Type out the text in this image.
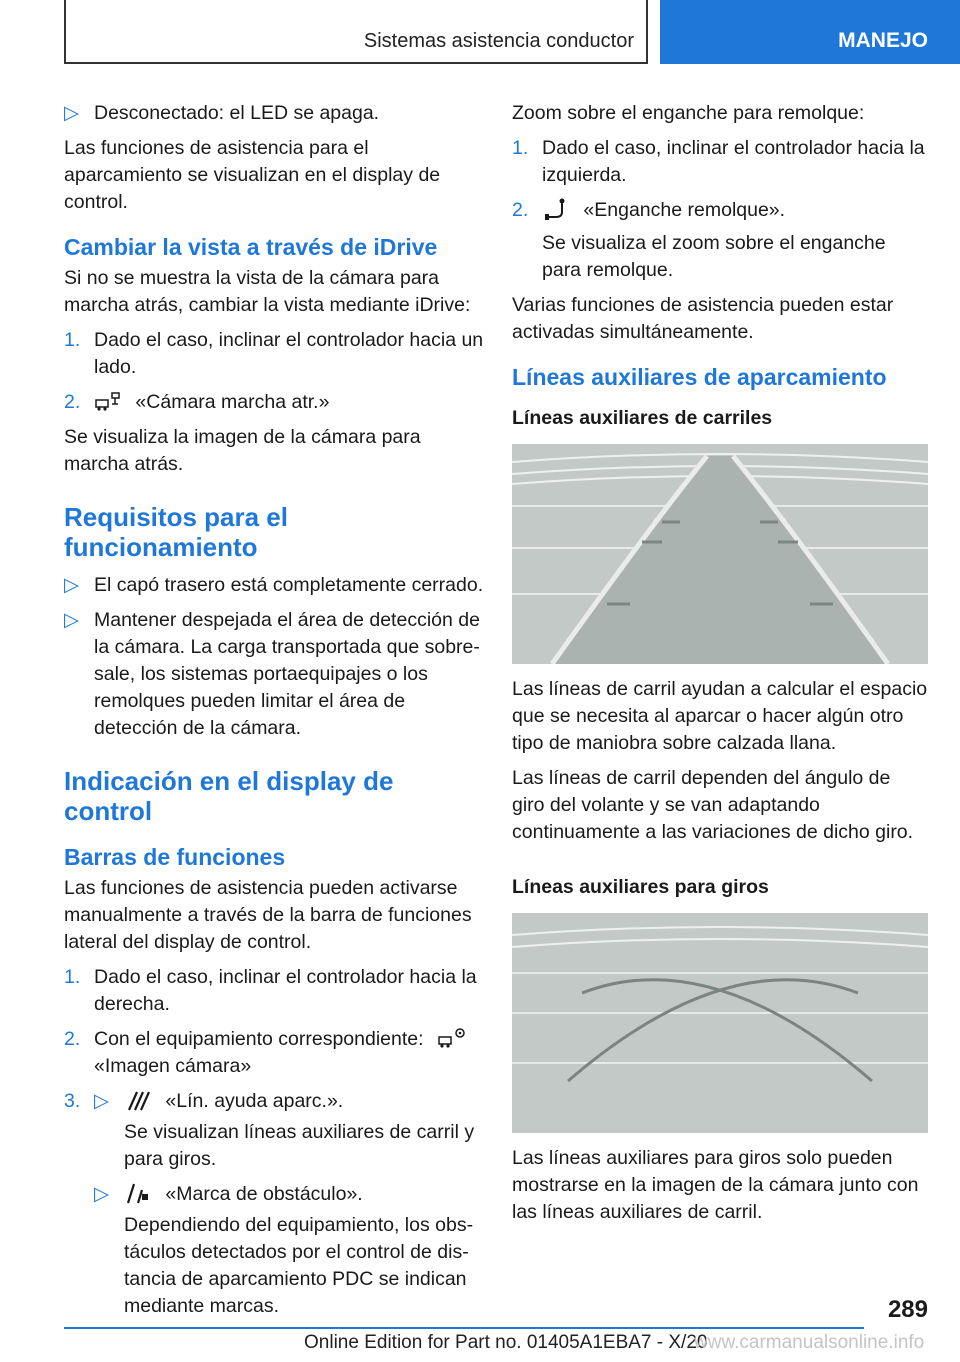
Sistemas asistencia conductor	MANEJO
▷ Desconectado: el LED se apaga.

Las funciones de asistencia para el aparcamiento se visualizan en el display de control.

Cambiar la vista a través de iDrive

Si no se muestra la vista de la cámara para marcha atrás, cambiar la vista mediante iDrive:

1. Dado el caso, inclinar el controlador hacia un lado.
2.	«Cámara marcha atr.»

Se visualiza la imagen de la cámara para marcha atrás.

Requisitos para el funcionamiento
▷ El capó trasero está completamente cerrado.
▷ Mantener despejada el área de detección de la cámara. La carga transportada que sobresale, los sistemas portaequipajes o los remolques pueden limitar el área de detección de la cámara.
Indicación en el display de control
Barras de funciones

Las funciones de asistencia pueden activarse manualmente a través de la barra de funciones lateral del display de control.

1. Dado el caso, inclinar el controlador hacia la derecha.
2. Con el equipamiento correspondiente:
«Imagen cámara»
3. ▷	«Lín. ayuda aparc.».

Se visualizan líneas auxiliares de carril y para giros.

▷	«Marca de obstáculo».

Dependiendo del equipamiento, los obstáculos detectados por el control de distancia de aparcamiento PDC se indican mediante marcas.

Zoom sobre el enganche para remolque:

1. Dado el caso, inclinar el controlador hacia la izquierda.
2.	«Enganche remolque».

Se visualiza el zoom sobre el enganche para remolque.

Varias funciones de asistencia pueden estar activadas simultáneamente.

Líneas auxiliares de aparcamiento
Líneas auxiliares de carriles

Las líneas de carril ayudan a calcular el espacio que se necesita al aparcar o hacer algún otro tipo de maniobra sobre calzada llana.

Las líneas de carril dependen del ángulo de giro del volante y se van adaptando continuamente a las variaciones de dicho giro.

Líneas auxiliares para giros

Las líneas auxiliares para giros solo pueden mostrarse en la imagen de la cámara junto con las líneas auxiliares de carril.

289
Online Edition for Part no. 01405A1EBA7 - X/20
www.carmanualsonline.info
